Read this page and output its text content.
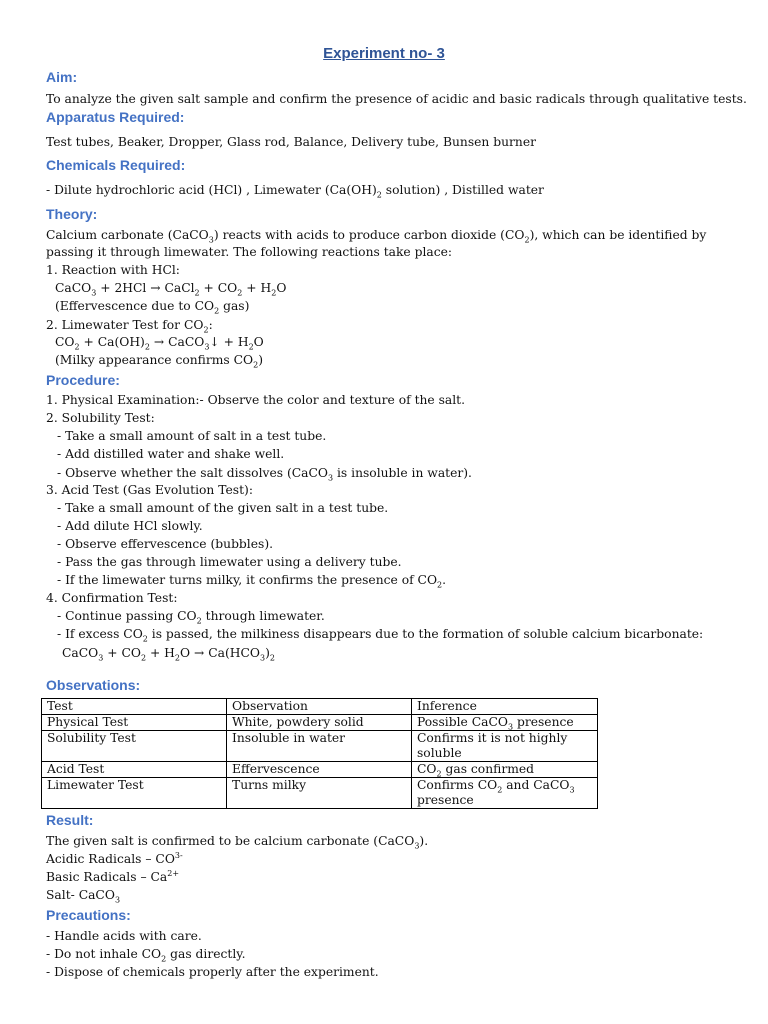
Experiment no- 3
Aim:
To analyze the given salt sample and confirm the presence of acidic and basic radicals through qualitative tests.
Apparatus Required:
Test tubes, Beaker, Dropper, Glass rod, Balance, Delivery tube, Bunsen burner
Chemicals Required:
- Dilute hydrochloric acid (HCl) , Limewater ($Ca(OH)_2$ solution) , Distilled water
Theory:
Calcium carbonate (CaCO$_3$) reacts with acids to produce carbon dioxide $(CO_2)$, which can be identified by
passing it through limewater. The following reactions take place:
1. Reaction with HCl:
CaCO$_3$ + 2HCl → CaCl$_2$ + $CO_2 + H_2O$
(Effervescence due to $CO_2$ gas)
2. Limewater Test for $CO_2$:
$CO_2 + Ca(OH)_2$ → CaCO$_3$↓ + $H_2O$
(Milky appearance confirms $CO_2$)
Procedure:
1. Physical Examination:- Observe the color and texture of the salt.
2. Solubility Test:
- Take a small amount of salt in a test tube.
- Add distilled water and shake well.
- Observe whether the salt dissolves (CaCO$_3$ is insoluble in water).
3. Acid Test (Gas Evolution Test):
- Take a small amount of the given salt in a test tube.
- Add dilute HCl slowly.
- Observe effervescence (bubbles).
- Pass the gas through limewater using a delivery tube.
- If the limewater turns milky, it confirms the presence of $CO_2$.
4. Confirmation Test:
- Continue passing $CO_2$ through limewater.
- If excess $CO_2$ is passed, the milkiness disappears due to the formation of soluble calcium bicarbonate:
CaCO$_3$ + $CO_2 + H_2O \to Ca(HCO_3)_2$
Observations:
Test	Observation	Inference
Physical Test	White, powdery solid	Possible CaCO$_3$ presence
Solubility Test	Insoluble in water	Confirms it is not highly soluble
Acid Test	Effervescence	$CO_2$ gas confirmed
Limewater Test	Turns milky	Confirms $CO_2$ and CaCO$_3$ presence
Result:
The given salt is confirmed to be calcium carbonate (CaCO$_3$).
Acidic Radicals – $CO^{3-}$
Basic Radicals – $Ca^{2+}$
Salt- CaCO$_3$
Precautions:
- Handle acids with care.
- Do not inhale $CO_2$ gas directly.
- Dispose of chemicals properly after the experiment.
